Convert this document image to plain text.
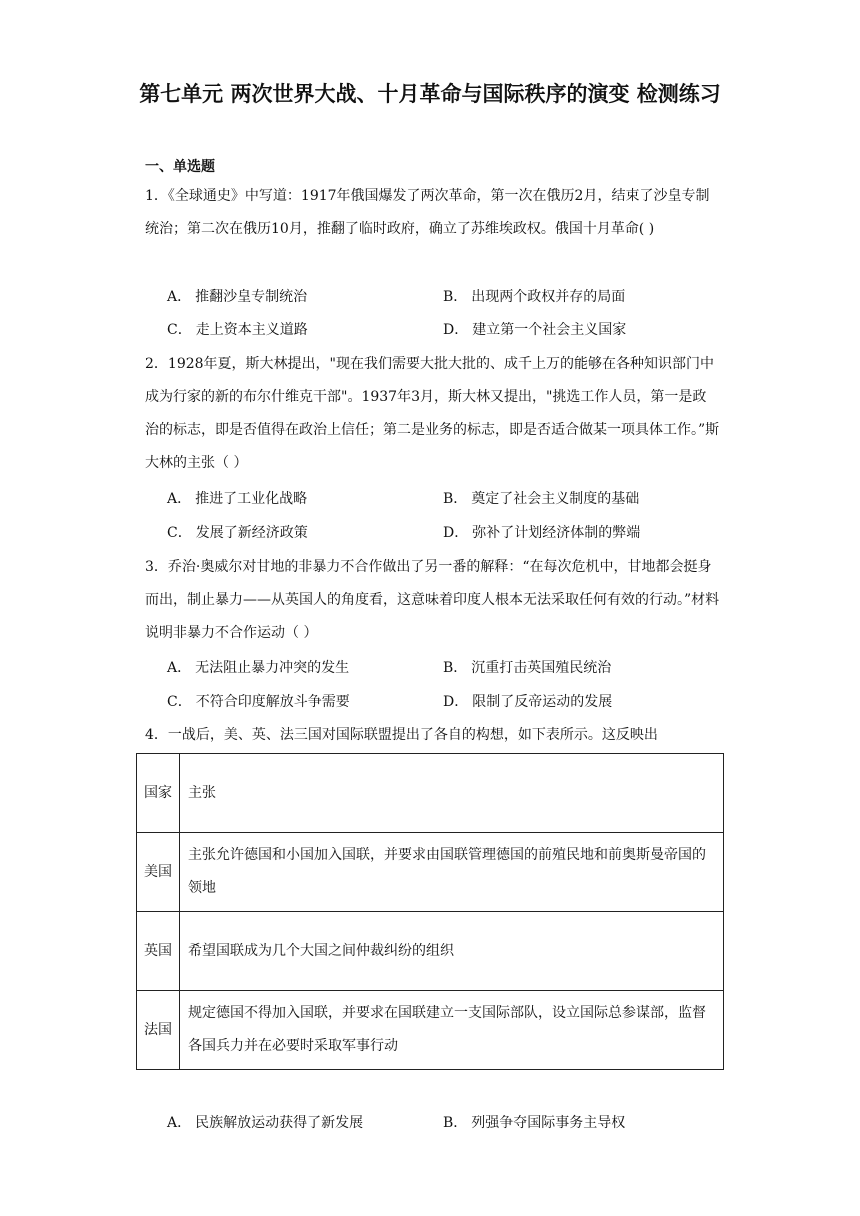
第七单元 两次世界大战、十月革命与国际秩序的演变 检测练习
一、单选题

1．《全球通史》中写道：1917年俄国爆发了两次革命，第一次在俄历2月，结束了沙皇专制统治；第二次在俄历10月，推翻了临时政府，确立了苏维埃政权。俄国十月革命( )

A． 推翻沙皇专制统治	B． 出现两个政权并存的局面
C． 走上资本主义道路	D． 建立第一个社会主义国家

2．1928年夏，斯大林提出，"现在我们需要大批大批的、成千上万的能够在各种知识部门中成为行家的新的布尔什维克干部"。1937年3月，斯大林又提出，"挑选工作人员，第一是政治的标志，即是否值得在政治上信任；第二是业务的标志，即是否适合做某一项具体工作。”斯大林的主张（ ）

A． 推进了工业化战略	B． 奠定了社会主义制度的基础
C． 发展了新经济政策	D． 弥补了计划经济体制的弊端

3．乔治·奥威尔对甘地的非暴力不合作做出了另一番的解释：“在每次危机中，甘地都会挺身而出，制止暴力——从英国人的角度看，这意味着印度人根本无法采取任何有效的行动。”材料说明非暴力不合作运动（ ）

A． 无法阻止暴力冲突的发生	B． 沉重打击英国殖民统治
C． 不符合印度解放斗争需要	D． 限制了反帝运动的发展

4．一战后，美、英、法三国对国际联盟提出了各自的构想，如下表所示。这反映出

国家	主张
美国	主张允许德国和小国加入国联，并要求由国联管理德国的前殖民地和前奥斯曼帝国的领地
英国	希望国联成为几个大国之间仲裁纠纷的组织
法国	规定德国不得加入国联，并要求在国联建立一支国际部队，设立国际总参谋部，监督各国兵力并在必要时采取军事行动
A． 民族解放运动获得了新发展	B． 列强争夺国际事务主导权
